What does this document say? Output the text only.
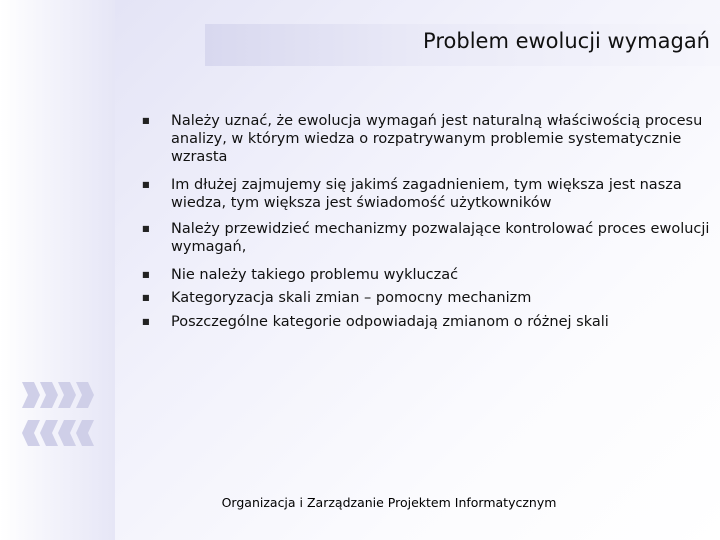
Problem ewolucji wymagań
■	Należy uznać, że ewolucja wymagań jest naturalną właściwością procesu analizy, w którym wiedza o rozpatrywanym problemie systematycznie wzrasta
■	Im dłużej zajmujemy się jakimś zagadnieniem, tym większa jest nasza wiedza, tym większa jest świadomość użytkowników
■	Należy przewidzieć mechanizmy pozwalające kontrolować proces ewolucji wymagań,
■	Nie należy takiego problemu wykluczać
■	Kategoryzacja skali zmian – pomocny mechanizm
■	Poszczególne kategorie odpowiadają zmianom o różnej skali
Organizacja i Zarządzanie Projektem Informatycznym
